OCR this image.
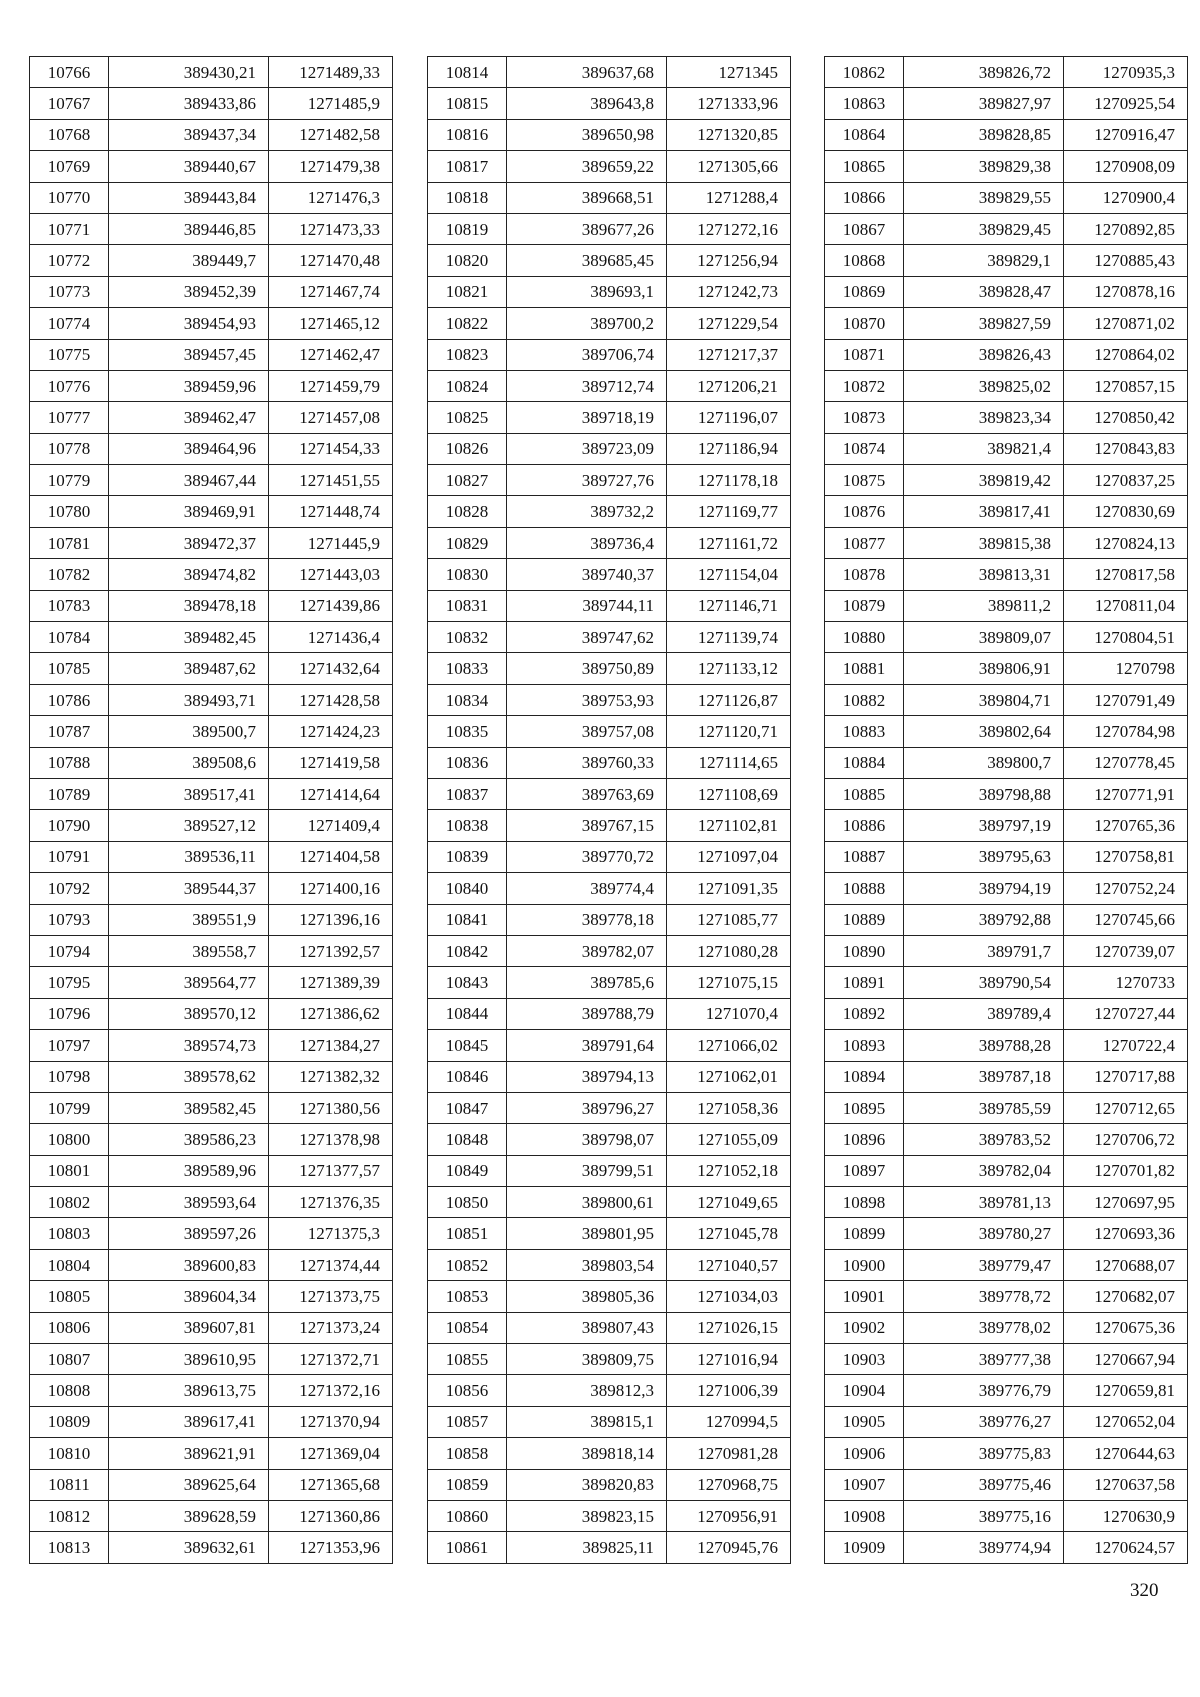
10766	389430,21	1271489,33
10767	389433,86	1271485,9
10768	389437,34	1271482,58
10769	389440,67	1271479,38
10770	389443,84	1271476,3
10771	389446,85	1271473,33
10772	389449,7	1271470,48
10773	389452,39	1271467,74
10774	389454,93	1271465,12
10775	389457,45	1271462,47
10776	389459,96	1271459,79
10777	389462,47	1271457,08
10778	389464,96	1271454,33
10779	389467,44	1271451,55
10780	389469,91	1271448,74
10781	389472,37	1271445,9
10782	389474,82	1271443,03
10783	389478,18	1271439,86
10784	389482,45	1271436,4
10785	389487,62	1271432,64
10786	389493,71	1271428,58
10787	389500,7	1271424,23
10788	389508,6	1271419,58
10789	389517,41	1271414,64
10790	389527,12	1271409,4
10791	389536,11	1271404,58
10792	389544,37	1271400,16
10793	389551,9	1271396,16
10794	389558,7	1271392,57
10795	389564,77	1271389,39
10796	389570,12	1271386,62
10797	389574,73	1271384,27
10798	389578,62	1271382,32
10799	389582,45	1271380,56
10800	389586,23	1271378,98
10801	389589,96	1271377,57
10802	389593,64	1271376,35
10803	389597,26	1271375,3
10804	389600,83	1271374,44
10805	389604,34	1271373,75
10806	389607,81	1271373,24
10807	389610,95	1271372,71
10808	389613,75	1271372,16
10809	389617,41	1271370,94
10810	389621,91	1271369,04
10811	389625,64	1271365,68
10812	389628,59	1271360,86
10813	389632,61	1271353,96
10814	389637,68	1271345
10815	389643,8	1271333,96
10816	389650,98	1271320,85
10817	389659,22	1271305,66
10818	389668,51	1271288,4
10819	389677,26	1271272,16
10820	389685,45	1271256,94
10821	389693,1	1271242,73
10822	389700,2	1271229,54
10823	389706,74	1271217,37
10824	389712,74	1271206,21
10825	389718,19	1271196,07
10826	389723,09	1271186,94
10827	389727,76	1271178,18
10828	389732,2	1271169,77
10829	389736,4	1271161,72
10830	389740,37	1271154,04
10831	389744,11	1271146,71
10832	389747,62	1271139,74
10833	389750,89	1271133,12
10834	389753,93	1271126,87
10835	389757,08	1271120,71
10836	389760,33	1271114,65
10837	389763,69	1271108,69
10838	389767,15	1271102,81
10839	389770,72	1271097,04
10840	389774,4	1271091,35
10841	389778,18	1271085,77
10842	389782,07	1271080,28
10843	389785,6	1271075,15
10844	389788,79	1271070,4
10845	389791,64	1271066,02
10846	389794,13	1271062,01
10847	389796,27	1271058,36
10848	389798,07	1271055,09
10849	389799,51	1271052,18
10850	389800,61	1271049,65
10851	389801,95	1271045,78
10852	389803,54	1271040,57
10853	389805,36	1271034,03
10854	389807,43	1271026,15
10855	389809,75	1271016,94
10856	389812,3	1271006,39
10857	389815,1	1270994,5
10858	389818,14	1270981,28
10859	389820,83	1270968,75
10860	389823,15	1270956,91
10861	389825,11	1270945,76
10862	389826,72	1270935,3
10863	389827,97	1270925,54
10864	389828,85	1270916,47
10865	389829,38	1270908,09
10866	389829,55	1270900,4
10867	389829,45	1270892,85
10868	389829,1	1270885,43
10869	389828,47	1270878,16
10870	389827,59	1270871,02
10871	389826,43	1270864,02
10872	389825,02	1270857,15
10873	389823,34	1270850,42
10874	389821,4	1270843,83
10875	389819,42	1270837,25
10876	389817,41	1270830,69
10877	389815,38	1270824,13
10878	389813,31	1270817,58
10879	389811,2	1270811,04
10880	389809,07	1270804,51
10881	389806,91	1270798
10882	389804,71	1270791,49
10883	389802,64	1270784,98
10884	389800,7	1270778,45
10885	389798,88	1270771,91
10886	389797,19	1270765,36
10887	389795,63	1270758,81
10888	389794,19	1270752,24
10889	389792,88	1270745,66
10890	389791,7	1270739,07
10891	389790,54	1270733
10892	389789,4	1270727,44
10893	389788,28	1270722,4
10894	389787,18	1270717,88
10895	389785,59	1270712,65
10896	389783,52	1270706,72
10897	389782,04	1270701,82
10898	389781,13	1270697,95
10899	389780,27	1270693,36
10900	389779,47	1270688,07
10901	389778,72	1270682,07
10902	389778,02	1270675,36
10903	389777,38	1270667,94
10904	389776,79	1270659,81
10905	389776,27	1270652,04
10906	389775,83	1270644,63
10907	389775,46	1270637,58
10908	389775,16	1270630,9
10909	389774,94	1270624,57
320
